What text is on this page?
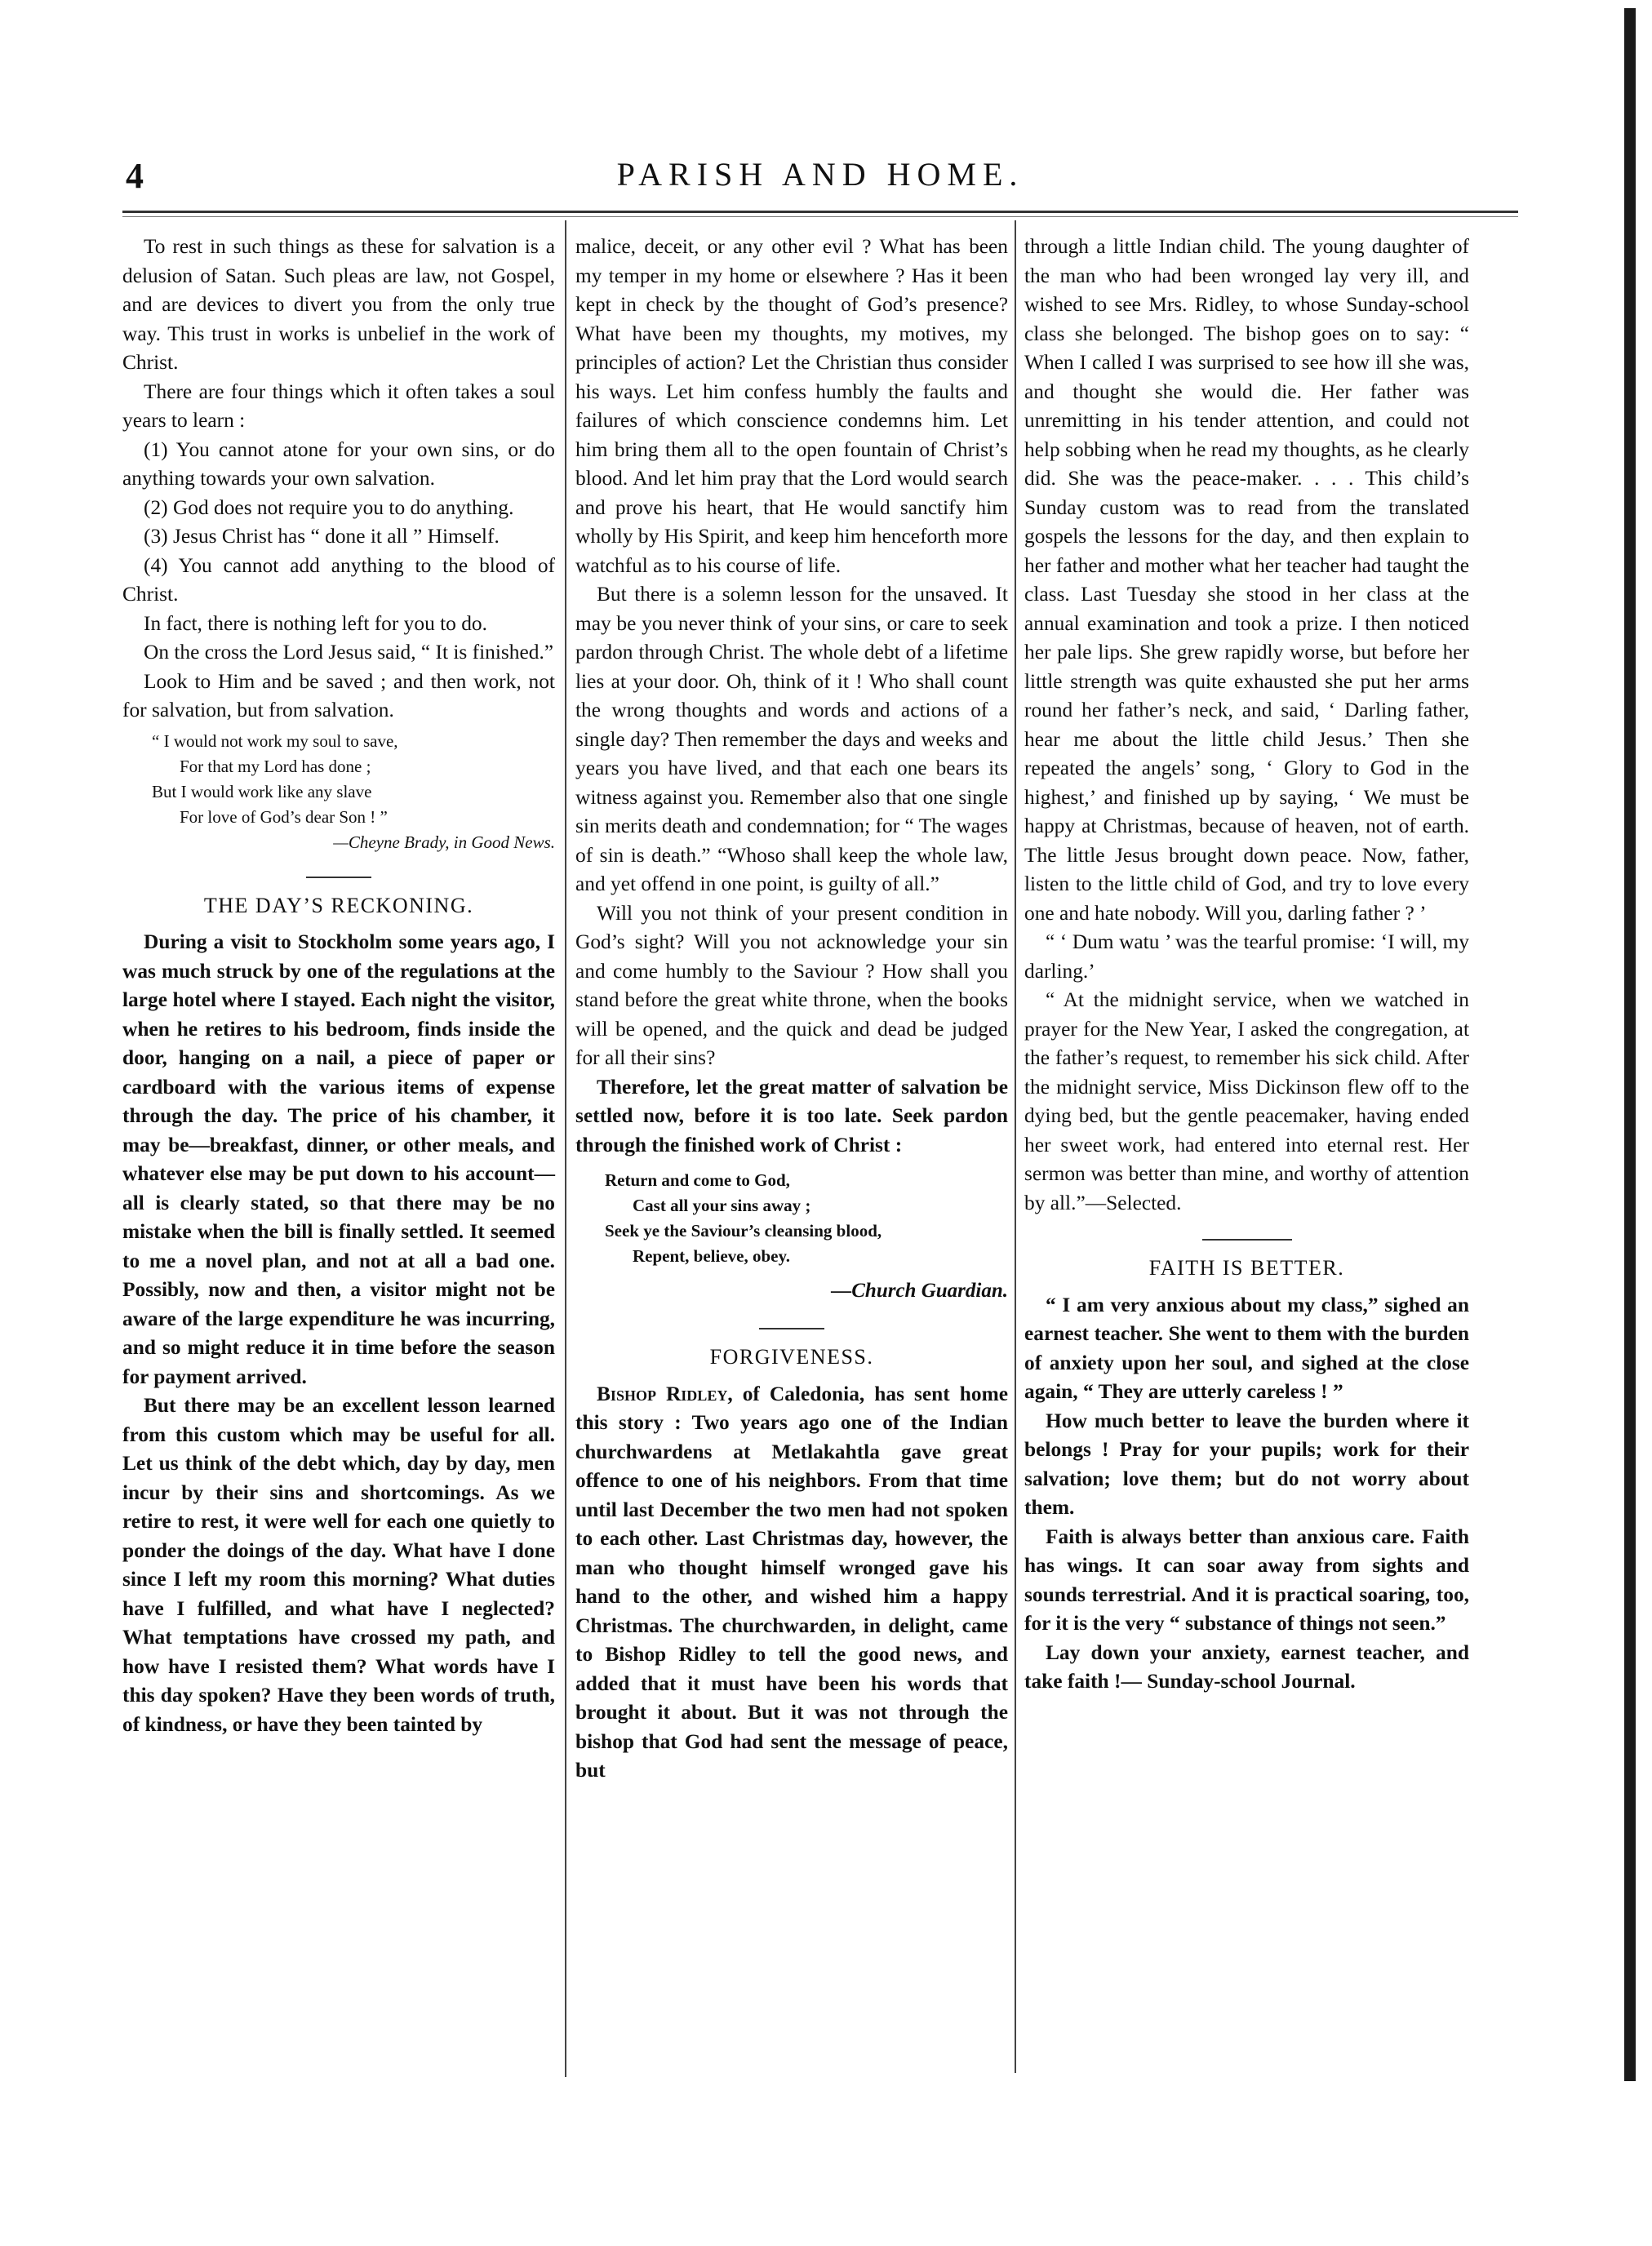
4	PARISH AND HOME.

To rest in such things as these for salvation is a delusion of Satan. Such pleas are law, not Gospel, and are devices to divert you from the only true way. This trust in works is unbelief in the work of Christ.

There are four things which it often takes a soul years to learn :

(1) You cannot atone for your own sins, or do anything towards your own salvation.

(2) God does not require you to do anything.

(3) Jesus Christ has “ done it all ” Himself.

(4) You cannot add anything to the blood of Christ.

In fact, there is nothing left for you to do.

On the cross the Lord Jesus said, “ It is finished.”

Look to Him and be saved ; and then work, not for salvation, but from salvation.

“ I would not work my soul to save,
For that my Lord has done ;
But I would work like any slave
For love of God’s dear Son ! ”
—Cheyne Brady, in Good News.
THE DAY’S RECKONING.

During a visit to Stockholm some years ago, I was much struck by one of the regulations at the large hotel where I stayed. Each night the visitor, when he retires to his bedroom, finds inside the door, hanging on a nail, a piece of paper or cardboard with the various items of expense through the day. The price of his chamber, it may be—breakfast, dinner, or other meals, and whatever else may be put down to his account—all is clearly stated, so that there may be no mistake when the bill is finally settled. It seemed to me a novel plan, and not at all a bad one. Possibly, now and then, a visitor might not be aware of the large expenditure he was incurring, and so might reduce it in time before the season for payment arrived.

But there may be an excellent lesson learned from this custom which may be useful for all. Let us think of the debt which, day by day, men incur by their sins and shortcomings. As we retire to rest, it were well for each one quietly to ponder the doings of the day. What have I done since I left my room this morning? What duties have I fulfilled, and what have I neglected? What temptations have crossed my path, and how have I resisted them? What words have I this day spoken? Have they been words of truth, of kindness, or have they been tainted by

malice, deceit, or any other evil ? What has been my temper in my home or elsewhere ? Has it been kept in check by the thought of God’s presence? What have been my thoughts, my motives, my principles of action? Let the Christian thus consider his ways. Let him confess humbly the faults and failures of which conscience condemns him. Let him bring them all to the open fountain of Christ’s blood. And let him pray that the Lord would search and prove his heart, that He would sanctify him wholly by His Spirit, and keep him henceforth more watchful as to his course of life.

But there is a solemn lesson for the unsaved. It may be you never think of your sins, or care to seek pardon through Christ. The whole debt of a lifetime lies at your door. Oh, think of it ! Who shall count the wrong thoughts and words and actions of a single day? Then remember the days and weeks and years you have lived, and that each one bears its witness against you. Remember also that one single sin merits death and condemnation; for “ The wages of sin is death.” “Whoso shall keep the whole law, and yet offend in one point, is guilty of all.”

Will you not think of your present condition in God’s sight? Will you not acknowledge your sin and come humbly to the Saviour ? How shall you stand before the great white throne, when the books will be opened, and the quick and dead be judged for all their sins?

Therefore, let the great matter of salvation be settled now, before it is too late. Seek pardon through the finished work of Christ :

Return and come to God,
Cast all your sins away ;
Seek ye the Saviour’s cleansing blood,
Repent, believe, obey.
—Church Guardian.
FORGIVENESS.

Bishop Ridley, of Caledonia, has sent home this story : Two years ago one of the Indian churchwardens at Metlakahtla gave great offence to one of his neighbors. From that time until last December the two men had not spoken to each other. Last Christmas day, however, the man who thought himself wronged gave his hand to the other, and wished him a happy Christmas. The churchwarden, in delight, came to Bishop Ridley to tell the good news, and added that it must have been his words that brought it about. But it was not through the bishop that God had sent the message of peace, but

through a little Indian child. The young daughter of the man who had been wronged lay very ill, and wished to see Mrs. Ridley, to whose Sunday-school class she belonged. The bishop goes on to say: “ When I called I was surprised to see how ill she was, and thought she would die. Her father was unremitting in his tender attention, and could not help sobbing when he read my thoughts, as he clearly did. She was the peace-maker. . . . This child’s Sunday custom was to read from the translated gospels the lessons for the day, and then explain to her father and mother what her teacher had taught the class. Last Tuesday she stood in her class at the annual examination and took a prize. I then noticed her pale lips. She grew rapidly worse, but before her little strength was quite exhausted she put her arms round her father’s neck, and said, ‘ Darling father, hear me about the little child Jesus.’ Then she repeated the angels’ song, ‘ Glory to God in the highest,’ and finished up by saying, ‘ We must be happy at Christmas, because of heaven, not of earth. The little Jesus brought down peace. Now, father, listen to the little child of God, and try to love every one and hate nobody. Will you, darling father ? ’

“ ‘ Dum watu ’ was the tearful promise: ‘I will, my darling.’

“ At the midnight service, when we watched in prayer for the New Year, I asked the congregation, at the father’s request, to remember his sick child. After the midnight service, Miss Dickinson flew off to the dying bed, but the gentle peacemaker, having ended her sweet work, had entered into eternal rest. Her sermon was better than mine, and worthy of attention by all.”—Selected.

FAITH IS BETTER.

“ I am very anxious about my class,” sighed an earnest teacher. She went to them with the burden of anxiety upon her soul, and sighed at the close again, “ They are utterly careless ! ”

How much better to leave the burden where it belongs ! Pray for your pupils; work for their salvation; love them; but do not worry about them.

Faith is always better than anxious care. Faith has wings. It can soar away from sights and sounds terrestrial. And it is practical soaring, too, for it is the very “ substance of things not seen.”

Lay down your anxiety, earnest teacher, and take faith !— Sunday-school Journal.
